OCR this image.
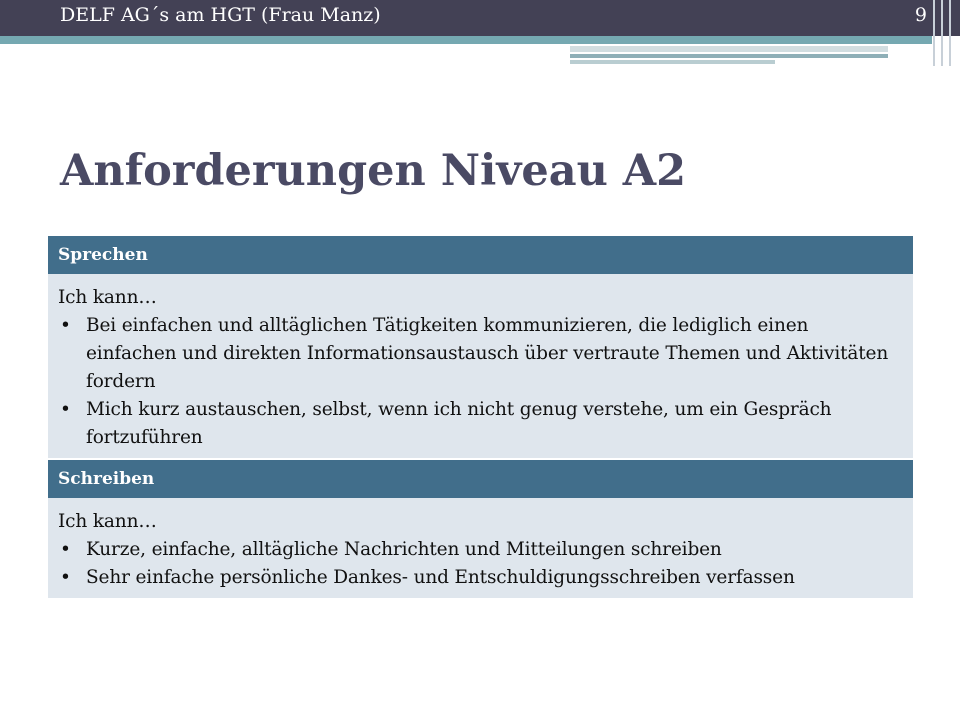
DELF AG´s am HGT (Frau Manz)	9
Anforderungen Niveau A2
Sprechen
Ich kann…
• Bei einfachen und alltäglichen Tätigkeiten kommunizieren, die lediglich einen einfachen und direkten Informationsaustausch über vertraute Themen und Aktivitäten fordern
• Mich kurz austauschen, selbst, wenn ich nicht genug verstehe, um ein Gespräch fortzuführen
Schreiben
Ich kann…
• Kurze, einfache, alltägliche Nachrichten und Mitteilungen schreiben
• Sehr einfache persönliche Dankes- und Entschuldigungsschreiben verfassen
